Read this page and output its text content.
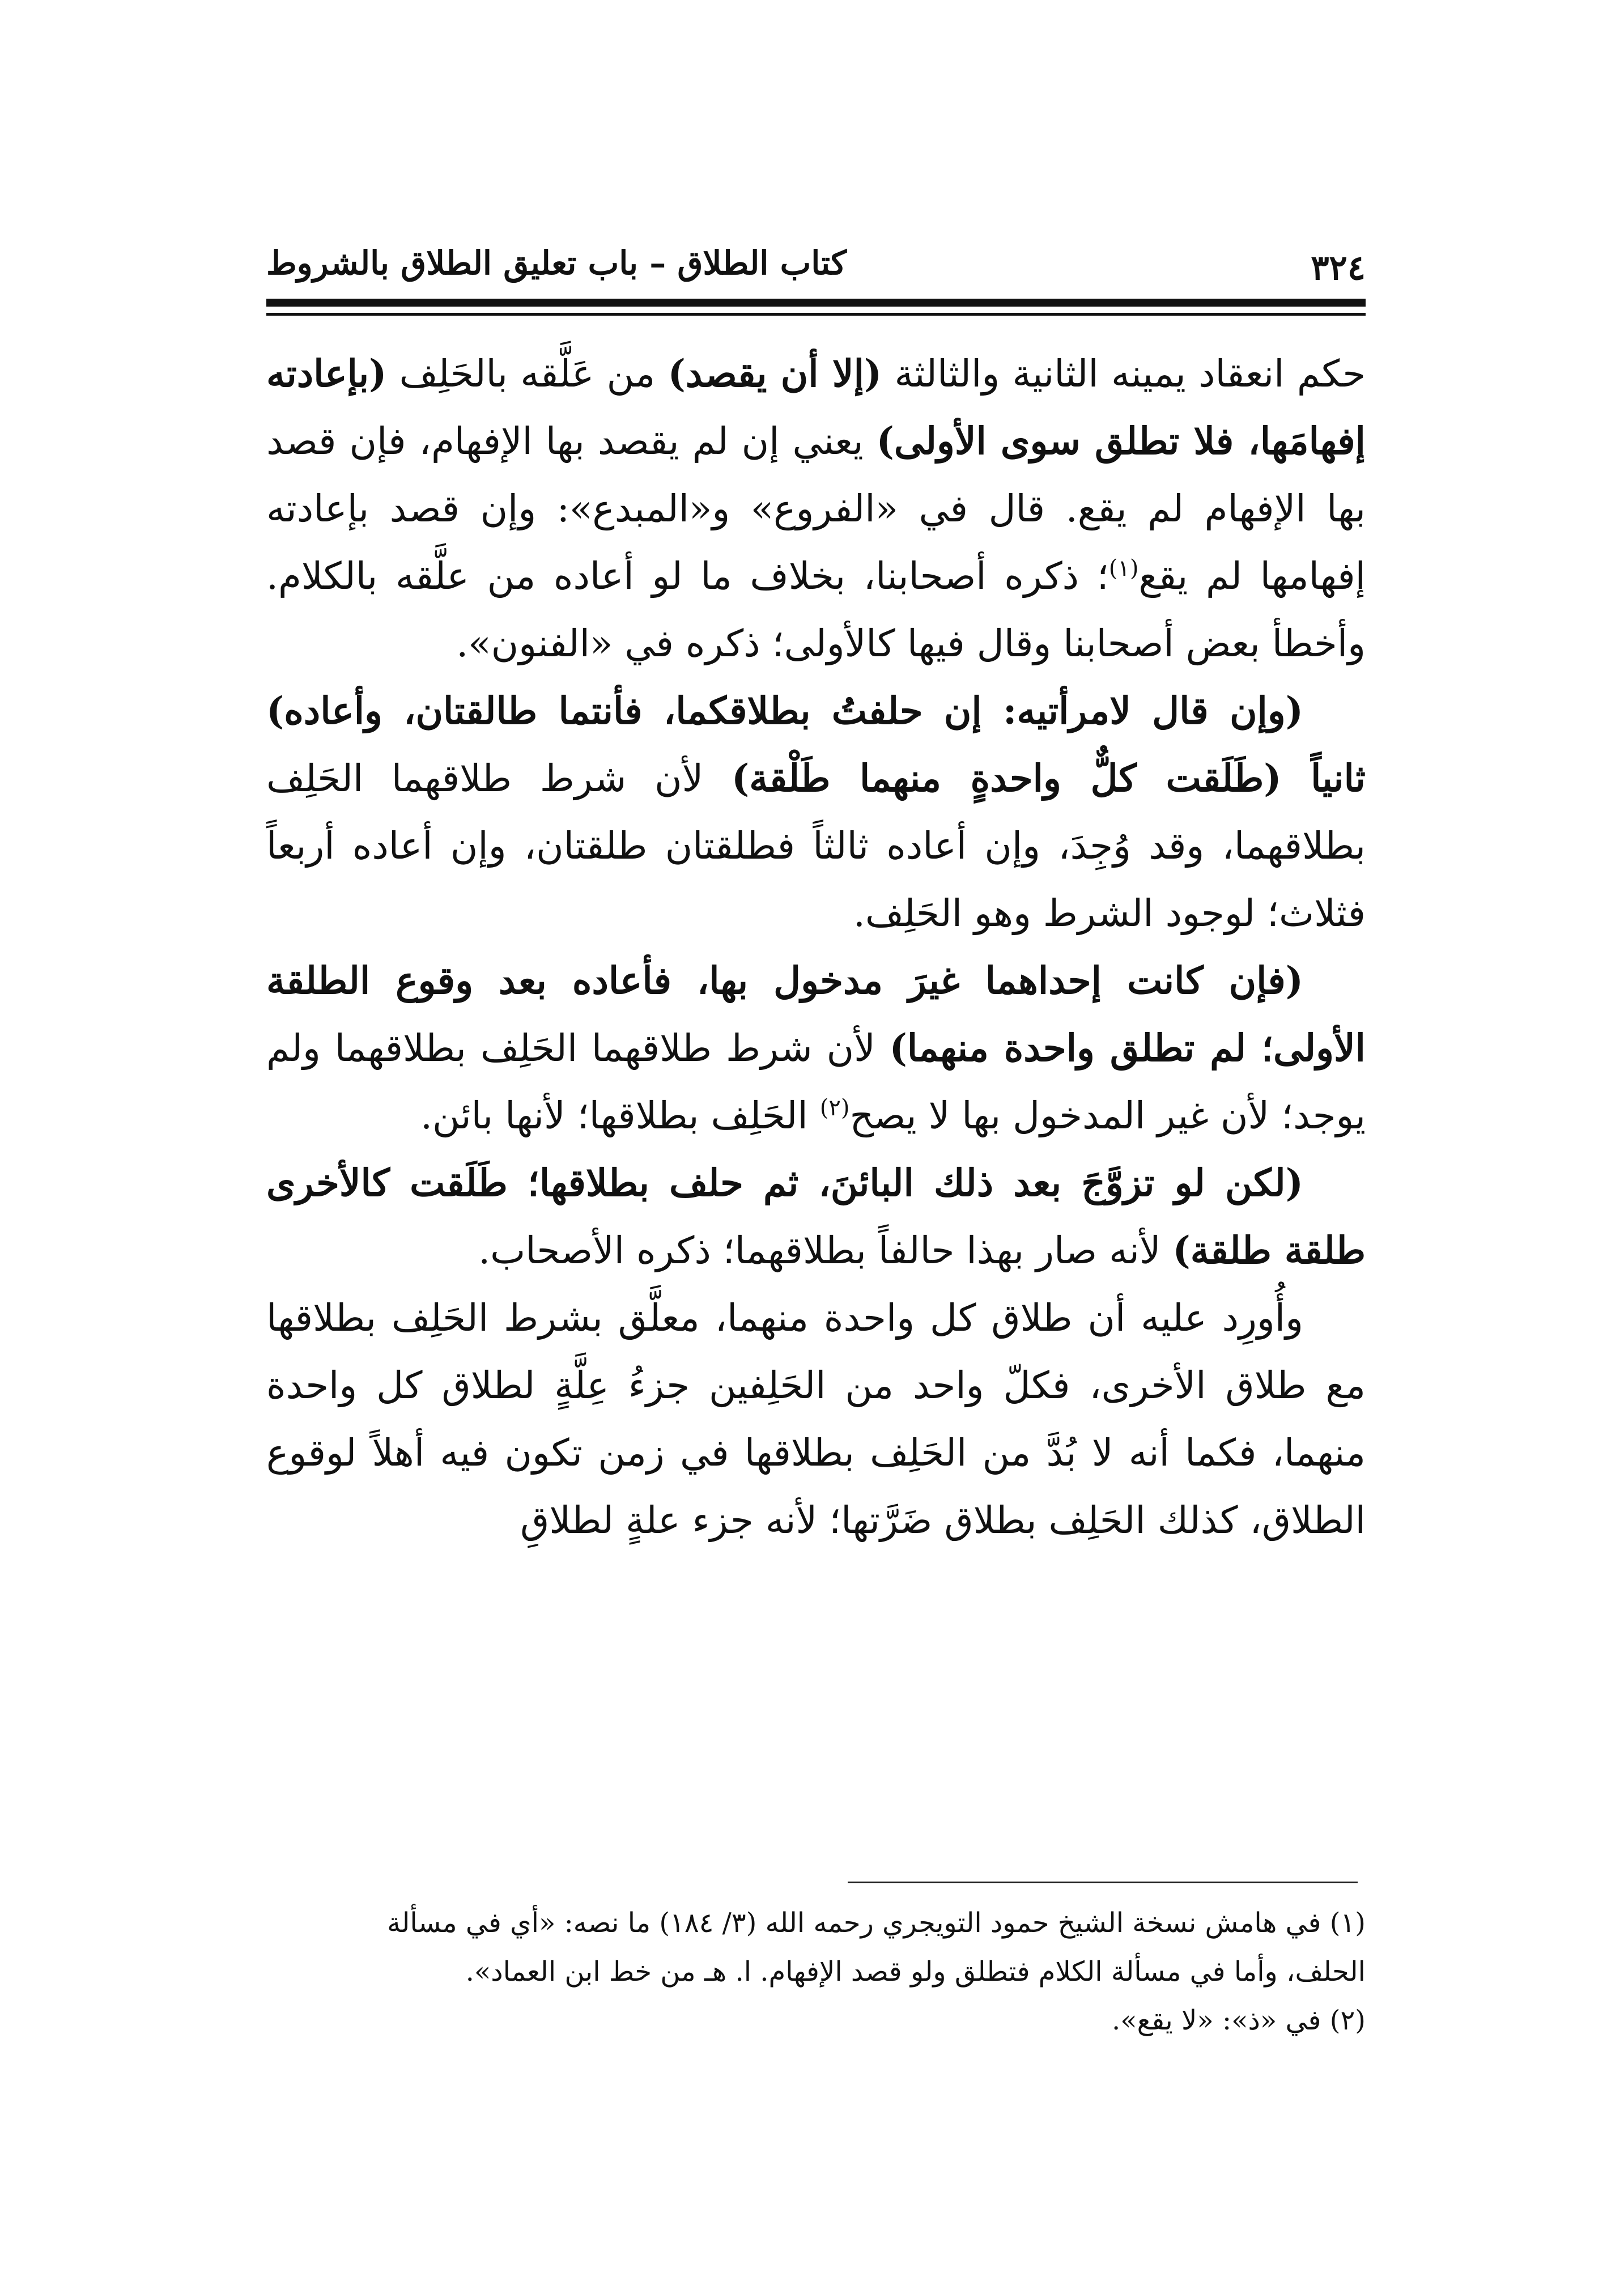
كتاب الطلاق – باب تعليق الطلاق بالشروط	٣٢٤

حكم انعقاد يمينه الثانية والثالثة (إلا أن يقصد) من عَلَّقه بالحَلِف (بإعادته إفهامَها، فلا تطلق سوى الأولى) يعني إن لم يقصد بها الإفهام، فإن قصد بها الإفهام لم يقع. قال في «الفروع» و«المبدع»: وإن قصد بإعادته إفهامها لم يقع$^{(١)}$؛ ذكره أصحابنا، بخلاف ما لو أعاده من علَّقه بالكلام. وأخطأ بعض أصحابنا وقال فيها كالأولى؛ ذكره في «الفنون».

(وإن قال لامرأتيه: إن حلفتُ بطلاقكما، فأنتما طالقتان، وأعاده) ثانياً (طَلَقت كلٌّ واحدةٍ منهما طَلْقة) لأن شرط طلاقهما الحَلِف بطلاقهما، وقد وُجِدَ، وإن أعاده ثالثاً فطلقتان طلقتان، وإن أعاده أربعاً فثلاث؛ لوجود الشرط وهو الحَلِف.

(فإن كانت إحداهما غيرَ مدخول بها، فأعاده بعد وقوع الطلقة الأولى؛ لم تطلق واحدة منهما) لأن شرط طلاقهما الحَلِف بطلاقهما ولم يوجد؛ لأن غير المدخول بها لا يصح$^{(٢)}$ الحَلِف بطلاقها؛ لأنها بائن.

(لكن لو تزوَّجَ بعد ذلك البائنَ، ثم حلف بطلاقها؛ طَلَقت كالأخرى طلقة طلقة) لأنه صار بهذا حالفاً بطلاقهما؛ ذكره الأصحاب.

وأُورِد عليه أن طلاق كل واحدة منهما، معلَّق بشرط الحَلِف بطلاقها مع طلاق الأخرى، فكلّ واحد من الحَلِفين جزءُ عِلَّةٍ لطلاق كل واحدة منهما، فكما أنه لا بُدَّ من الحَلِف بطلاقها في زمن تكون فيه أهلاً لوقوع الطلاق، كذلك الحَلِف بطلاق ضَرَّتها؛ لأنه جزء علةٍ لطلاقِ

(١) في هامش نسخة الشيخ حمود التويجري رحمه الله (٣/ ١٨٤) ما نصه: «أي في مسألة

الحلف، وأما في مسألة الكلام فتطلق ولو قصد الإفهام. ا. هـ من خط ابن العماد».

(٢) في «ذ»: «لا يقع».
